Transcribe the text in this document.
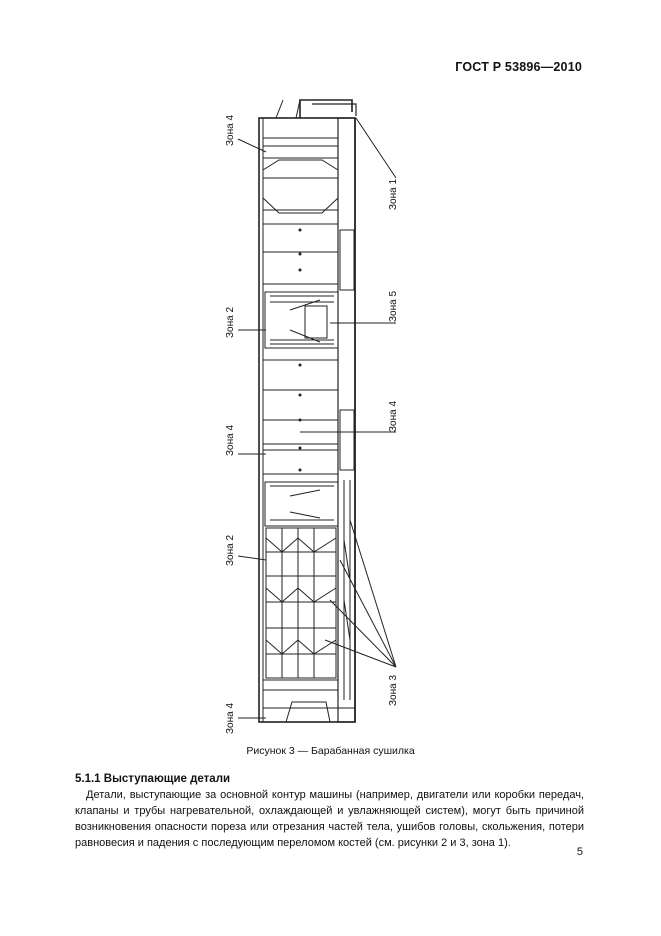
ГОСТ Р 53896—2010
Зона 4
Зона 2
Зона 4
Зона 2
Зона 4
Зона 1
Зона 5
Зона 4
Зона 3
Рисунок 3 — Барабанная сушилка
5.1.1 Выступающие детали

Детали, выступающие за основной контур машины (например, двигатели или коробки передач, клапаны и трубы нагревательной, охлаждающей и увлажняющей систем), могут быть причиной возникновения опасности пореза или отрезания частей тела, ушибов головы, скольжения, потери равновесия и падения с последующим переломом костей (см. рисунки 2 и 3, зона 1).

5
